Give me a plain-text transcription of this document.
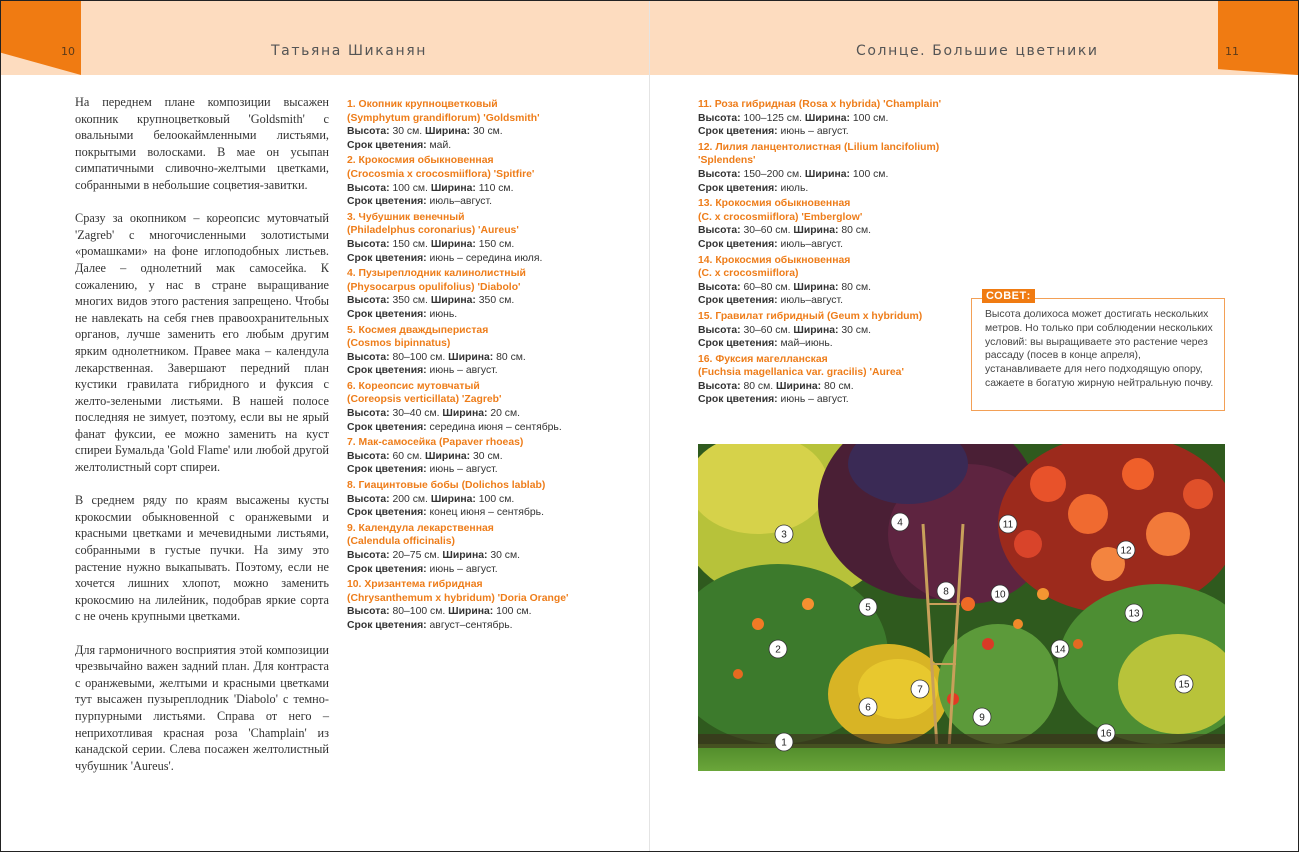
10	Татьяна Шиканян	Солнце. Большие цветники	11

На переднем плане композиции высажен окопник крупноцветковый 'Goldsmith' с овальными белоокаймленными листьями, покрытыми волосками. В мае он усыпан симпатичными сливочно-желтыми цветками, собранными в небольшие соцветия-завитки.

Сразу за окопником – кореопсис мутовчатый 'Zagreb' с многочисленными золотистыми «ромашками» на фоне иглоподобных листьев. Далее – однолетний мак самосейка. К сожалению, у нас в стране выращивание многих видов этого растения запрещено. Чтобы не навлекать на себя гнев правоохранительных органов, лучше заменить его любым другим ярким однолетником. Правее мака – календула лекарственная. Завершают передний план кустики гравилата гибридного и фуксия с желто-зелеными листьями. В нашей полосе последняя не зимует, поэтому, если вы не ярый фанат фуксии, ее можно заменить на куст спиреи Бумальда 'Gold Flame' или любой другой желтолистный сорт спиреи.

В среднем ряду по краям высажены кусты крокосмии обыкновенной с оранжевыми и красными цветками и мечевидными листьями, собранными в густые пучки. На зиму это растение нужно выкапывать. Поэтому, если не хочется лишних хлопот, можно заменить крокосмию на лилейник, подобрав яркие сорта с не очень крупными цветками.

Для гармоничного восприятия этой композиции чрезвычайно важен задний план. Для контраста с оранжевыми, желтыми и красными цветками тут высажен пузыреплодник 'Diabolo' с темно-пурпурными листьями. Справа от него – неприхотливая красная роза 'Champlain' из канадской серии. Слева посажен желтолистный чубушник 'Aureus'.

1. Окопник крупноцветковый
(Symphytum grandiflorum) 'Goldsmith'
Высота: 30 см. Ширина: 30 см.
Срок цветения: май.
2. Крокосмия обыкновенная
(Crocosmia x crocosmiiflora) 'Spitfire'
Высота: 100 см. Ширина: 110 см.
Срок цветения: июль–август.
3. Чубушник венечный
(Philadelphus coronarius) 'Aureus'
Высота: 150 см. Ширина: 150 см.
Срок цветения: июнь – середина июля.
4. Пузыреплодник калинолистный
(Physocarpus opulifolius) 'Diabolo'
Высота: 350 см. Ширина: 350 см.
Срок цветения: июнь.
5. Космея дваждыперистая
(Cosmos bipinnatus)
Высота: 80–100 см. Ширина: 80 см.
Срок цветения: июнь – август.
6. Кореопсис мутовчатый
(Coreopsis verticillata) 'Zagreb'
Высота: 30–40 см. Ширина: 20 см.
Срок цветения: середина июня – сентябрь.
7. Мак-самосейка (Papaver rhoeas)
Высота: 60 см. Ширина: 30 см.
Срок цветения: июнь – август.
8. Гиацинтовые бобы (Dolichos lablab)
Высота: 200 см. Ширина: 100 см.
Срок цветения: конец июня – сентябрь.
9. Календула лекарственная
(Calendula officinalis)
Высота: 20–75 см. Ширина: 30 см.
Срок цветения: июнь – август.
10. Хризантема гибридная
(Chrysanthemum x hybridum) 'Doria Orange'
Высота: 80–100 см. Ширина: 100 см.
Срок цветения: август–сентябрь.
11. Роза гибридная (Rosa x hybrida) 'Champlain'
Высота: 100–125 см. Ширина: 100 см.
Срок цветения: июнь – август.
12. Лилия ланцентолистная (Lilium lancifolium)
'Splendens'
Высота: 150–200 см. Ширина: 100 см.
Срок цветения: июль.
13. Крокосмия обыкновенная
(C. x crocosmiiflora) 'Emberglow'
Высота: 30–60 см. Ширина: 80 см.
Срок цветения: июль–август.
14. Крокосмия обыкновенная
(C. x crocosmiiflora)
Высота: 60–80 см. Ширина: 80 см.
Срок цветения: июль–август.
15. Гравилат гибридный (Geum x hybridum)
Высота: 30–60 см. Ширина: 30 см.
Срок цветения: май–июнь.
16. Фуксия магелланская
(Fuchsia magellanica var. gracilis) 'Aurea'
Высота: 80 см. Ширина: 80 см.
Срок цветения: июнь – август.
СОВЕТ:
Высота долихоса может достигать нескольких метров. Но только при соблюдении нескольких условий: вы выращиваете это растение через рассаду (посев в конце апреля), устанавливаете для него подходящую опору, сажаете в богатую жирную нейтральную почву.
1
2
3
4
5
6
7
8
9
10
11
12
13
14
15
16
